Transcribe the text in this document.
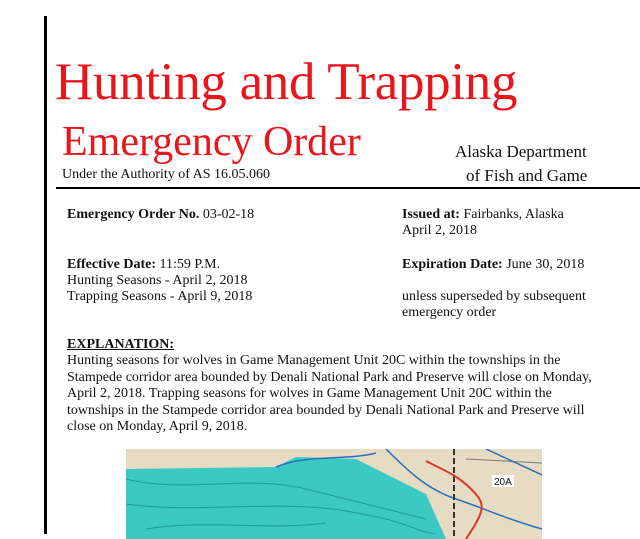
Hunting and Trapping
Emergency Order
Under the Authority of AS 16.05.060
Alaska Department
of Fish and Game
Emergency Order No. 03-02-18	Issued at: Fairbanks, Alaska
April 2, 2018
Effective Date: 11:59 P.M.
Hunting Seasons - April 2, 2018
Trapping Seasons - April 9, 2018
Expiration Date: June 30, 2018
unless superseded by subsequent
emergency order
EXPLANATION:
Hunting seasons for wolves in Game Management Unit 20C within the townships in the Stampede corridor area bounded by Denali National Park and Preserve will close on Monday, April 2, 2018. Trapping seasons for wolves in Game Management Unit 20C within the townships in the Stampede corridor area bounded by Denali National Park and Preserve will close on Monday, April 9, 2018.
20A
